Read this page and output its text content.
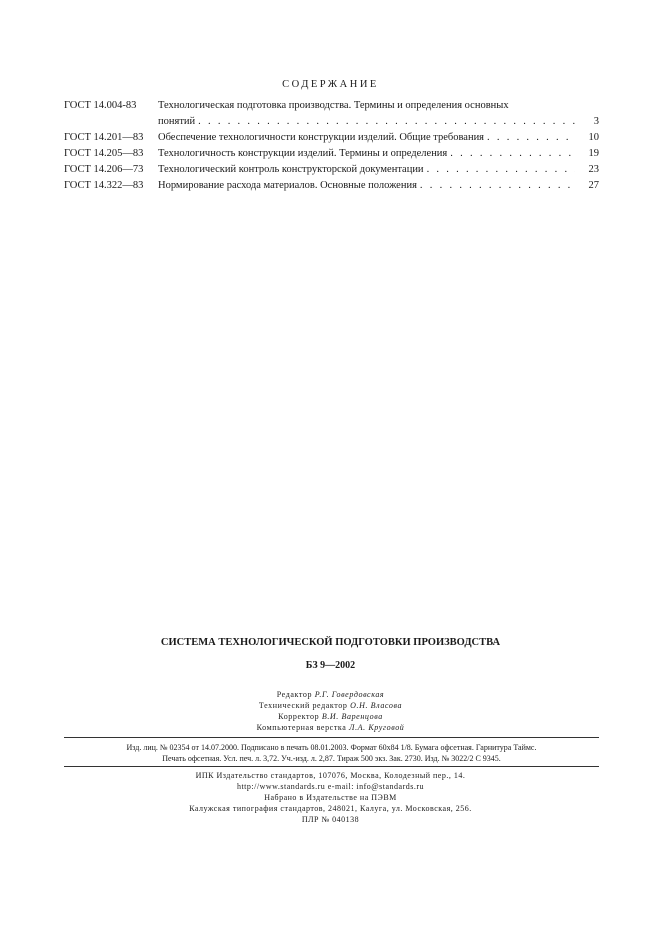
СОДЕРЖАНИЕ
ГОСТ 14.004-83	Технологическая подготовка производства. Термины и определения основных
понятий . . .	3
ГОСТ 14.201—83	Обеспечение технологичности конструкции изделий. Общие требования . . .	10
ГОСТ 14.205—83	Технологичность конструкции изделий. Термины и определения . . .	19
ГОСТ 14.206—73	Технологический контроль конструкторской документации . . .	23
ГОСТ 14.322—83	Нормирование расхода материалов. Основные положения . . .	27
СИСТЕМА ТЕХНОЛОГИЧЕСКОЙ ПОДГОТОВКИ ПРОИЗВОДСТВА
БЗ 9—2002
Редактор Р.Г. Говердовская
Технический редактор О.Н. Власова
Корректор В.И. Варенцова
Компьютерная верстка Л.А. Круговой
Изд. лиц. № 02354 от 14.07.2000. Подписано в печать 08.01.2003. Формат 60x84 1/8. Бумага офсетная. Гарнитура Таймс.
Печать офсетная. Усл. печ. л. 3,72. Уч.-изд. л. 2,87. Тираж 500 экз. Зак. 2730. Изд. № 3022/2 С 9345.
ИПК Издательство стандартов, 107076, Москва, Колодезный пер., 14.
http://www.standards.ru e-mail: info@standards.ru
Набрано в Издательстве на ПЭВМ
Калужская типография стандартов, 248021, Калуга, ул. Московская, 256.
ПЛР № 040138
